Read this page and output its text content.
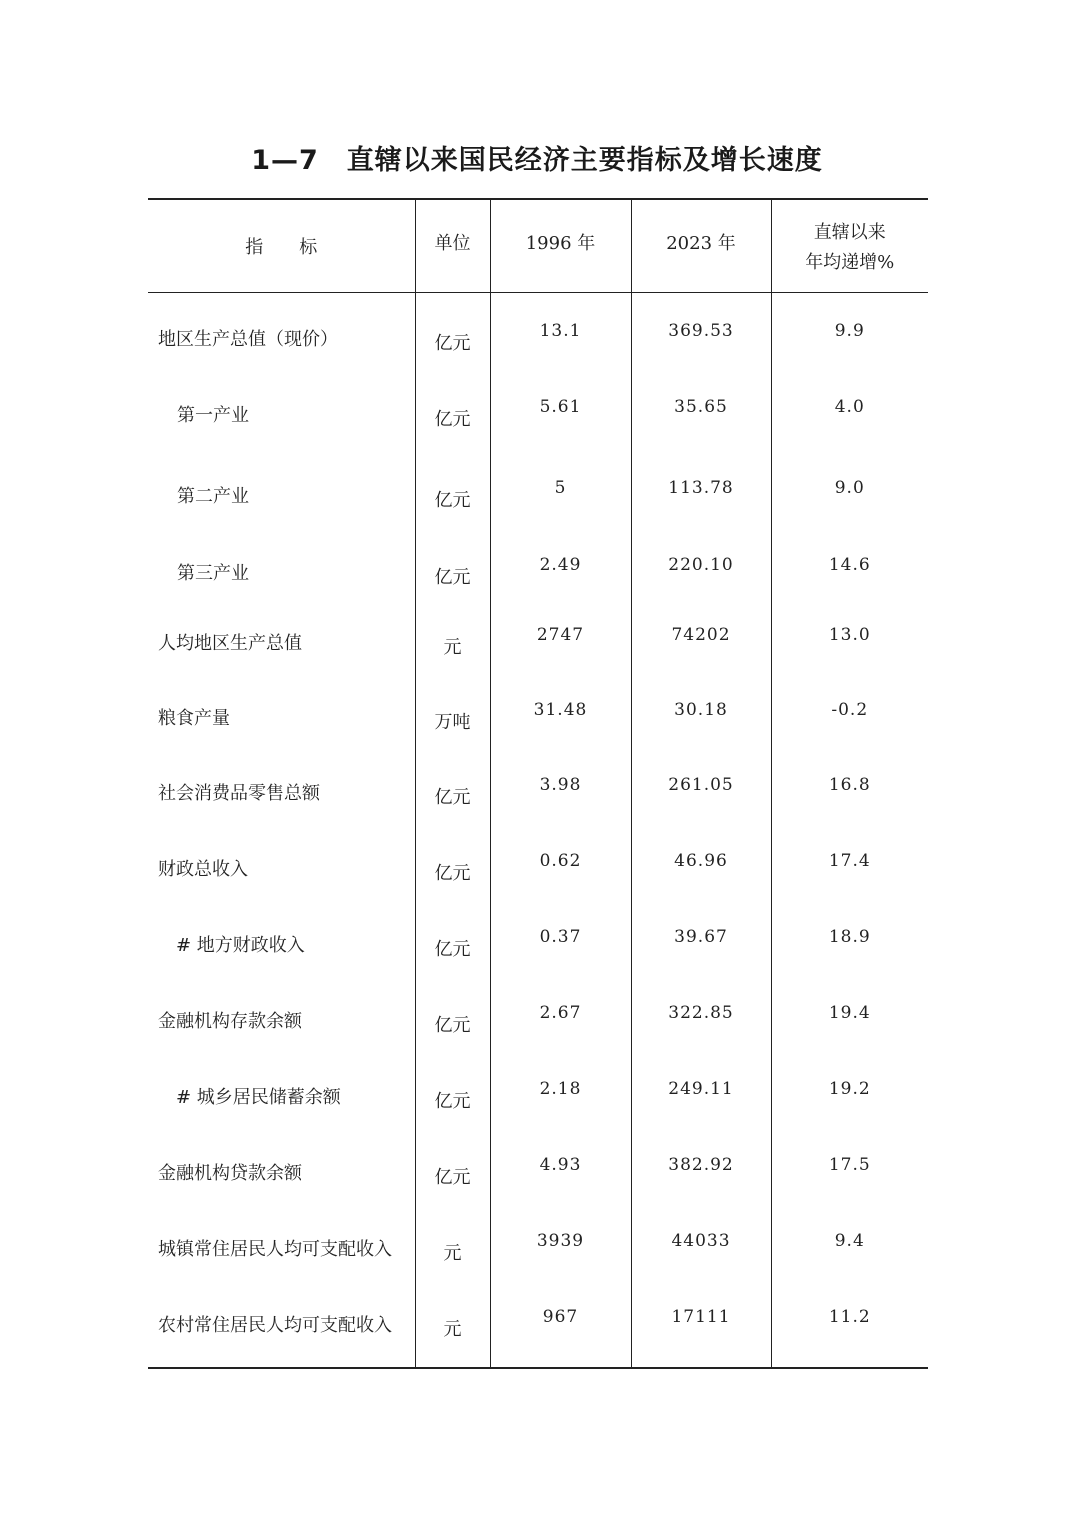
1—7　直辖以来国民经济主要指标及增长速度
指　　标	单位	1996 年	2023 年	直辖以来
年均递增%

地区生产总值（现价）	亿元	13.1	369.53	9.9

第一产业	亿元	5.61	35.65	4.0

第二产业	亿元	5	113.78	9.0

第三产业	亿元	2.49	220.10	14.6

人均地区生产总值	元	2747	74202	13.0

粮食产量	万吨	31.48	30.18	-0.2

社会消费品零售总额	亿元	3.98	261.05	16.8

财政总收入	亿元	0.62	46.96	17.4

# 地方财政收入	亿元	0.37	39.67	18.9

金融机构存款余额	亿元	2.67	322.85	19.4

# 城乡居民储蓄余额	亿元	2.18	249.11	19.2

金融机构贷款余额	亿元	4.93	382.92	17.5

城镇常住居民人均可支配收入	元	3939	44033	9.4

农村常住居民人均可支配收入	元	967	17111	11.2
